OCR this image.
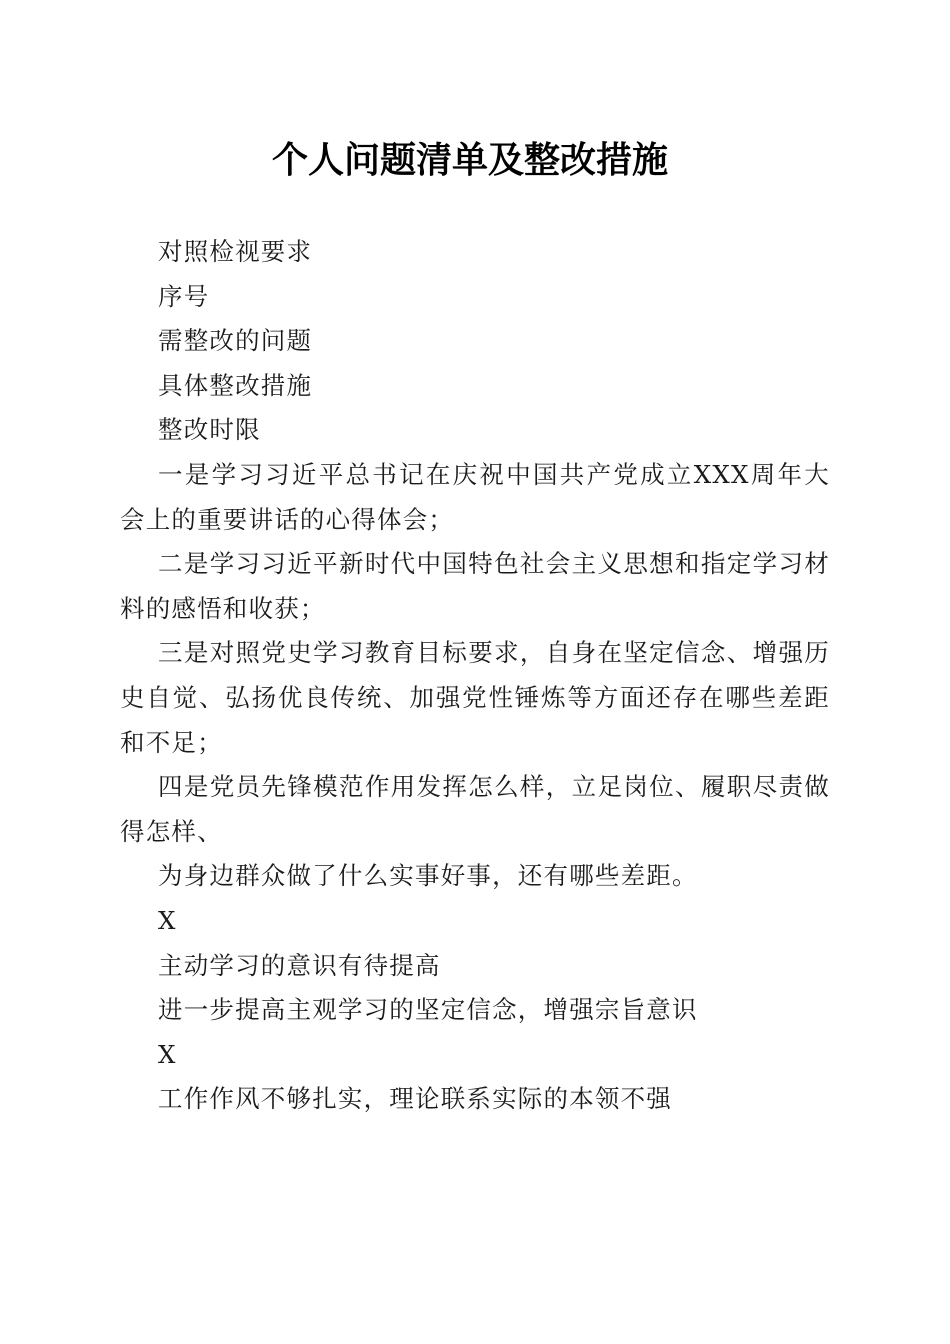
个人问题清单及整改措施

对照检视要求

序号

需整改的问题

具体整改措施

整改时限

一是学习习近平总书记在庆祝中国共产党成立XXX周年大会上的重要讲话的心得体会；

二是学习习近平新时代中国特色社会主义思想和指定学习材料的感悟和收获；

三是对照党史学习教育目标要求，自身在坚定信念、增强历史自觉、弘扬优良传统、加强党性锤炼等方面还存在哪些差距和不足；

四是党员先锋模范作用发挥怎么样，立足岗位、履职尽责做得怎样、

为身边群众做了什么实事好事，还有哪些差距。

X

主动学习的意识有待提高

进一步提高主观学习的坚定信念，增强宗旨意识

X

工作作风不够扎实，理论联系实际的本领不强
